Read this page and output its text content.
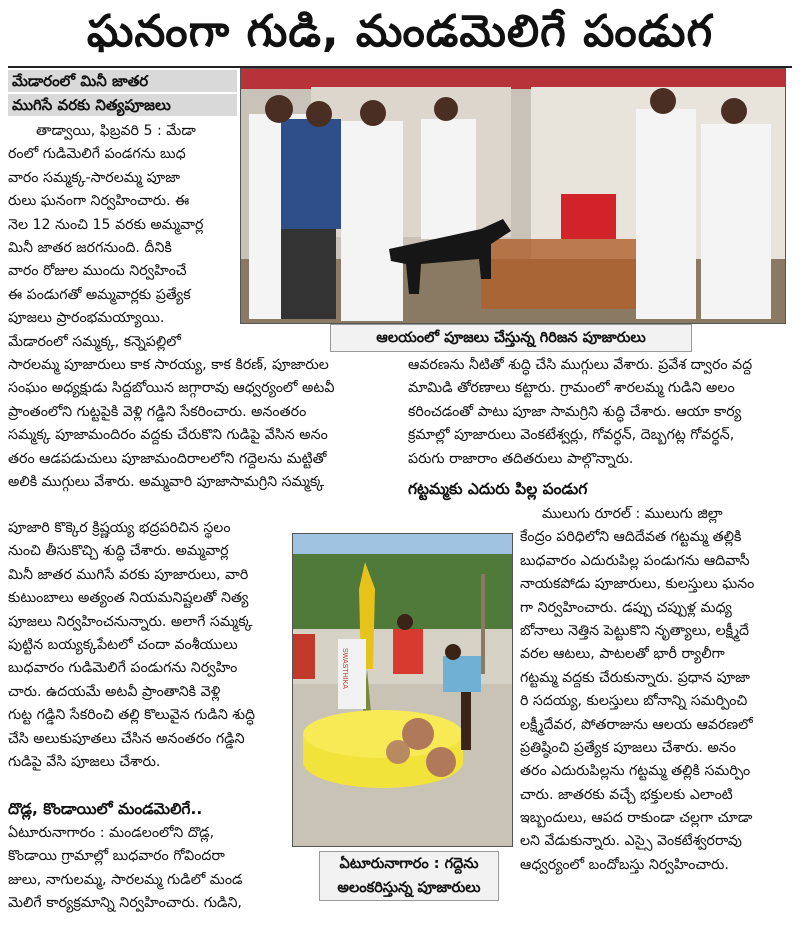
ఘనంగా గుడి, మండమెలిగే పండుగ
మేడారంలో మినీ జాతర
ముగిసే వరకు నిత్యపూజలు
తాడ్వాయి, ఫిబ్రవరి 5 : మేడా
రంలో గుడిమెలిగే పండగను బుధ
వారం సమ్మక్క-సారలమ్మ పూజా
రులు ఘనంగా నిర్వహించారు. ఈ
నెల 12 నుంచి 15 వరకు అమ్మవార్ల
మినీ జాతర జరగనుంది. దీనికి
వారం రోజుల ముందు నిర్వహించే
ఈ పండుగతో అమ్మవార్లకు ప్రత్యేక
పూజలు ప్రారంభమయ్యాయి.
మేడారంలో సమ్మక్క, కన్నెపల్లిలో	ఆలయంలో పూజలు చేస్తున్న గిరిజన పూజారులు
సారలమ్మ పూజారులు కాక సారయ్య, కాక కిరణ్, పూజారుల
సంఘం అధ్యక్షుడు సిద్దబోయిన జగ్గారావు ఆధ్వర్యంలో అటవీ
ప్రాంతంలోని గుట్టపైకి వెళ్లి గడ్డిని సేకరించారు. అనంతరం
సమ్మక్క పూజామందిరం వద్దకు చేరుకొని గుడిపై వేసిన అనం
తరం ఆడపడుచులు పూజామందిరాలలోని గద్దెలను మట్టితో
అలికి ముగ్గులు వేశారు. అమ్మవారి పూజాసామగ్రిని సమ్మక్క
ఆవరణను నీటితో శుద్ధి చేసి ముగ్గులు వేశారు. ప్రవేశ ద్వారం వద్ద
మామిడి తోరణాలు కట్టారు. గ్రామంలో శారలమ్మ గుడిని అలం
కరించడంతో పాటు పూజా సామగ్రిని శుద్ధి చేశారు. ఆయా కార్య
క్రమాల్లో పూజారులు వెంకటేశ్వర్లు, గోవర్ధన్, దెబ్బగట్ల గోవర్ధన్,
పరుగు రాజారాం తదితరులు పాల్గొన్నారు.
గట్టమ్మకు ఎదురు పిల్ల పండుగ
పూజారి కొక్కెర క్రిష్ణయ్య భద్రపరిచిన స్థలం
నుంచి తీసుకొచ్చి శుద్ధి చేశారు. అమ్మవార్ల
మినీ జాతర ముగిసే వరకు పూజారులు, వారి
కుటుంబాలు అత్యంత నియమనిష్టలతో నిత్య
పూజలు నిర్వహించనున్నారు. అలాగే సమ్మక్క
పుట్టిన బయ్యక్కపేటలో చందా వంశీయులు
బుధవారం గుడిమెలిగే పండుగను నిర్వహిం
చారు. ఉదయమే అటవీ ప్రాంతానికి వెళ్లి
గుట్ట గడ్డిని సేకరించి తల్లి కొలువైన గుడిని శుద్ధి
చేసి అలుకుపూతలు చేసిన అనంతరం గడ్డిని
గుడిపై వేసి పూజలు చేశారు.
దొడ్ల, కొండాయిలో మండమెలిగే..
ఏటూరునాగారం : మండలంలోని దొడ్ల,
కొండాయి గ్రామాల్లో బుధవారం గోవిందరా
జులు, నాగులమ్మ, సారలమ్మ గుడిలో మండ
మెలిగే కార్యక్రమాన్ని నిర్వహించారు. గుడిని,
SWASTHIKA
ఏటూరునాగారం : గద్దెను
అలంకరిస్తున్న పూజారులు
ములుగు రూరల్ : ములుగు జిల్లా
కేంద్రం పరిధిలోని ఆదిదేవత గట్టమ్మ తల్లికి
బుధవారం ఎదురుపిల్ల పండుగను ఆదివాసీ
నాయకపోడు పూజారులు, కులస్తులు ఘనం
గా నిర్వహించారు. డప్పు చప్పుళ్ల మధ్య
బోనాలు నెత్తిన పెట్టుకొని నృత్యాలు, లక్ష్మీదే
వరల ఆటలు, పాటలతో భారీ ర్యాలీగా
గట్టమ్మ వద్దకు చేరుకున్నారు. ప్రధాన పూజా
రి సదయ్య, కులస్తులు బోనాన్ని సమర్పించి
లక్ష్మీదేవర, పోతరాజును ఆలయ ఆవరణలో
ప్రతిష్ఠించి ప్రత్యేక పూజలు చేశారు. అనం
తరం ఎదురుపిల్లను గట్టమ్మ తల్లికి సమర్పిం
చారు. జాతరకు వచ్చే భక్తులకు ఎలాంటి
ఇబ్బందులు, ఆపద రాకుండా చల్లగా చూడా
లని వేడుకున్నారు. ఎస్సై వెంకటేశ్వరరావు
ఆధ్వర్యంలో బందోబస్తు నిర్వహించారు.
